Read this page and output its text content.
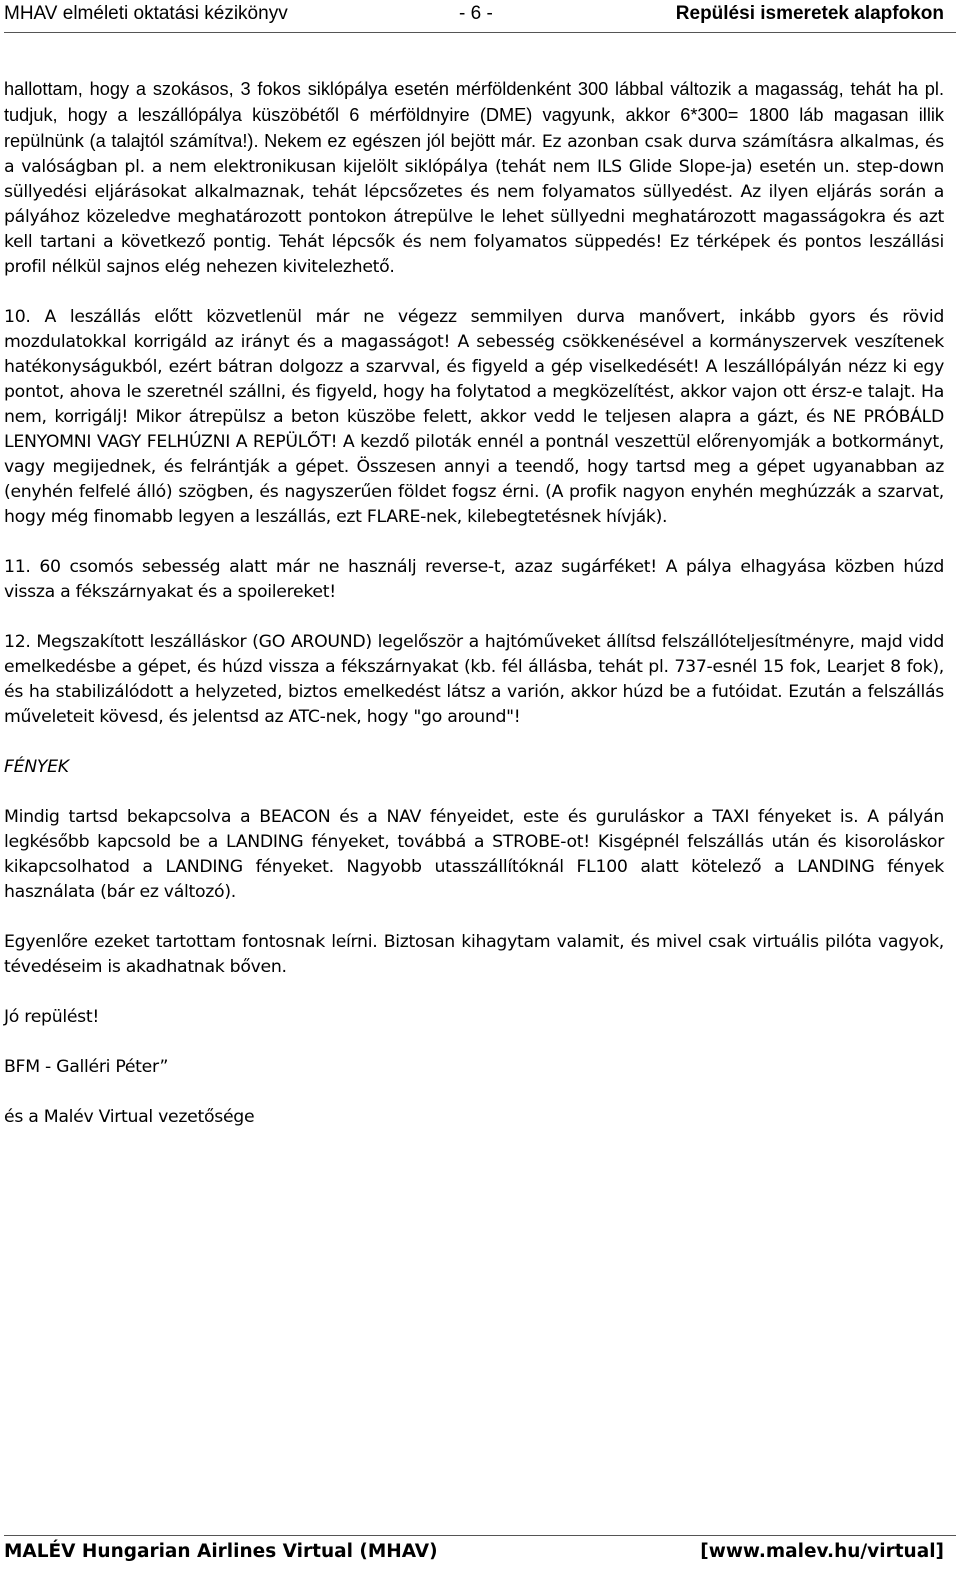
MHAV elméleti oktatási kézikönyv	- 6 -	Repülési ismeretek alapfokon

hallottam, hogy a szokásos, 3 fokos siklópálya esetén mérföldenként 300 lábbal változik a magasság, tehát ha pl. tudjuk, hogy a leszállópálya küszöbétől 6 mérföldnyire (DME) vagyunk, akkor 6*300= 1800 láb magasan illik repülnünk (a talajtól számítva!). Nekem ez egészen jól bejött már. Ez azonban csak durva számításra alkalmas, és a valóságban pl. a nem elektronikusan kijelölt siklópálya (tehát nem ILS Glide Slope-ja) esetén un. step-down süllyedési eljárásokat alkalmaznak, tehát lépcsőzetes és nem folyamatos süllyedést. Az ilyen eljárás során a pályához közeledve meghatározott pontokon átrepülve le lehet süllyedni meghatározott magasságokra és azt kell tartani a következő pontig. Tehát lépcsők és nem folyamatos süppedés! Ez térképek és pontos leszállási profil nélkül sajnos elég nehezen kivitelezhető.

10. A leszállás előtt közvetlenül már ne végezz semmilyen durva manővert, inkább gyors és rövid mozdulatokkal korrigáld az irányt és a magasságot! A sebesség csökkenésével a kormányszervek veszítenek hatékonyságukból, ezért bátran dolgozz a szarvval, és figyeld a gép viselkedését! A leszállópályán nézz ki egy pontot, ahova le szeretnél szállni, és figyeld, hogy ha folytatod a megközelítést, akkor vajon ott érsz-e talajt. Ha nem, korrigálj! Mikor átrepülsz a beton küszöbe felett, akkor vedd le teljesen alapra a gázt, és NE PRÓBÁLD LENYOMNI VAGY FELHÚZNI A REPÜLŐT! A kezdő piloták ennél a pontnál veszettül előrenyomják a botkormányt, vagy megijednek, és felrántják a gépet. Összesen annyi a teendő, hogy tartsd meg a gépet ugyanabban az (enyhén felfelé álló) szögben, és nagyszerűen földet fogsz érni. (A profik nagyon enyhén meghúzzák a szarvat, hogy még finomabb legyen a leszállás, ezt FLARE-nek, kilebegtetésnek hívják).

11. 60 csomós sebesség alatt már ne használj reverse-t, azaz sugárféket! A pálya elhagyása közben húzd vissza a fékszárnyakat és a spoilereket!

12. Megszakított leszálláskor (GO AROUND) legelőször a hajtóműveket állítsd felszállóteljesítményre, majd vidd emelkedésbe a gépet, és húzd vissza a fékszárnyakat (kb. fél állásba, tehát pl. 737-esnél 15 fok, Learjet 8 fok), és ha stabilizálódott a helyzeted, biztos emelkedést látsz a varión, akkor húzd be a futóidat. Ezután a felszállás műveleteit kövesd, és jelentsd az ATC-nek, hogy "go around"!

FÉNYEK

Mindig tartsd bekapcsolva a BEACON és a NAV fényeidet, este és guruláskor a TAXI fényeket is. A pályán legkésőbb kapcsold be a LANDING fényeket, továbbá a STROBE-ot! Kisgépnél felszállás után és kisoroláskor kikapcsolhatod a LANDING fényeket. Nagyobb utasszállítóknál FL100 alatt kötelező a LANDING fények használata (bár ez változó).

Egyenlőre ezeket tartottam fontosnak leírni. Biztosan kihagytam valamit, és mivel csak virtuális pilóta vagyok, tévedéseim is akadhatnak bőven.

Jó repülést!

BFM - Galléri Péter”

és a Malév Virtual vezetősége

MALÉV Hungarian Airlines Virtual (MHAV)	[www.malev.hu/virtual]
